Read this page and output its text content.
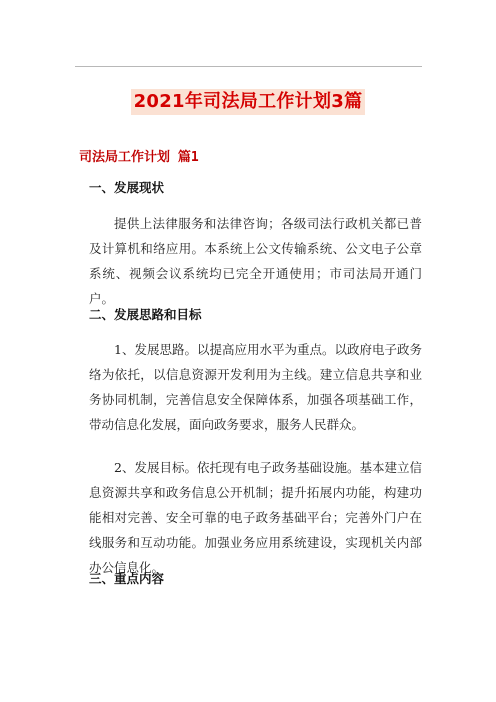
2021年司法局工作计划3篇
司法局工作计划 篇1
一、发展现状

提供上法律服务和法律咨询；各级司法行政机关都已普及计算机和络应用。本系统上公文传输系统、公文电子公章系统、视频会议系统均已完全开通使用；市司法局开通门户。

二、发展思路和目标

1、发展思路。以提高应用水平为重点。以政府电子政务络为依托，以信息资源开发利用为主线。建立信息共享和业务协同机制，完善信息安全保障体系，加强各项基础工作，带动信息化发展，面向政务要求，服务人民群众。

2、发展目标。依托现有电子政务基础设施。基本建立信息资源共享和政务信息公开机制；提升拓展内功能，构建功能相对完善、安全可靠的电子政务基础平台；完善外门户在线服务和互动功能。加强业务应用系统建设，实现机关内部办公信息化。

三、重点内容
